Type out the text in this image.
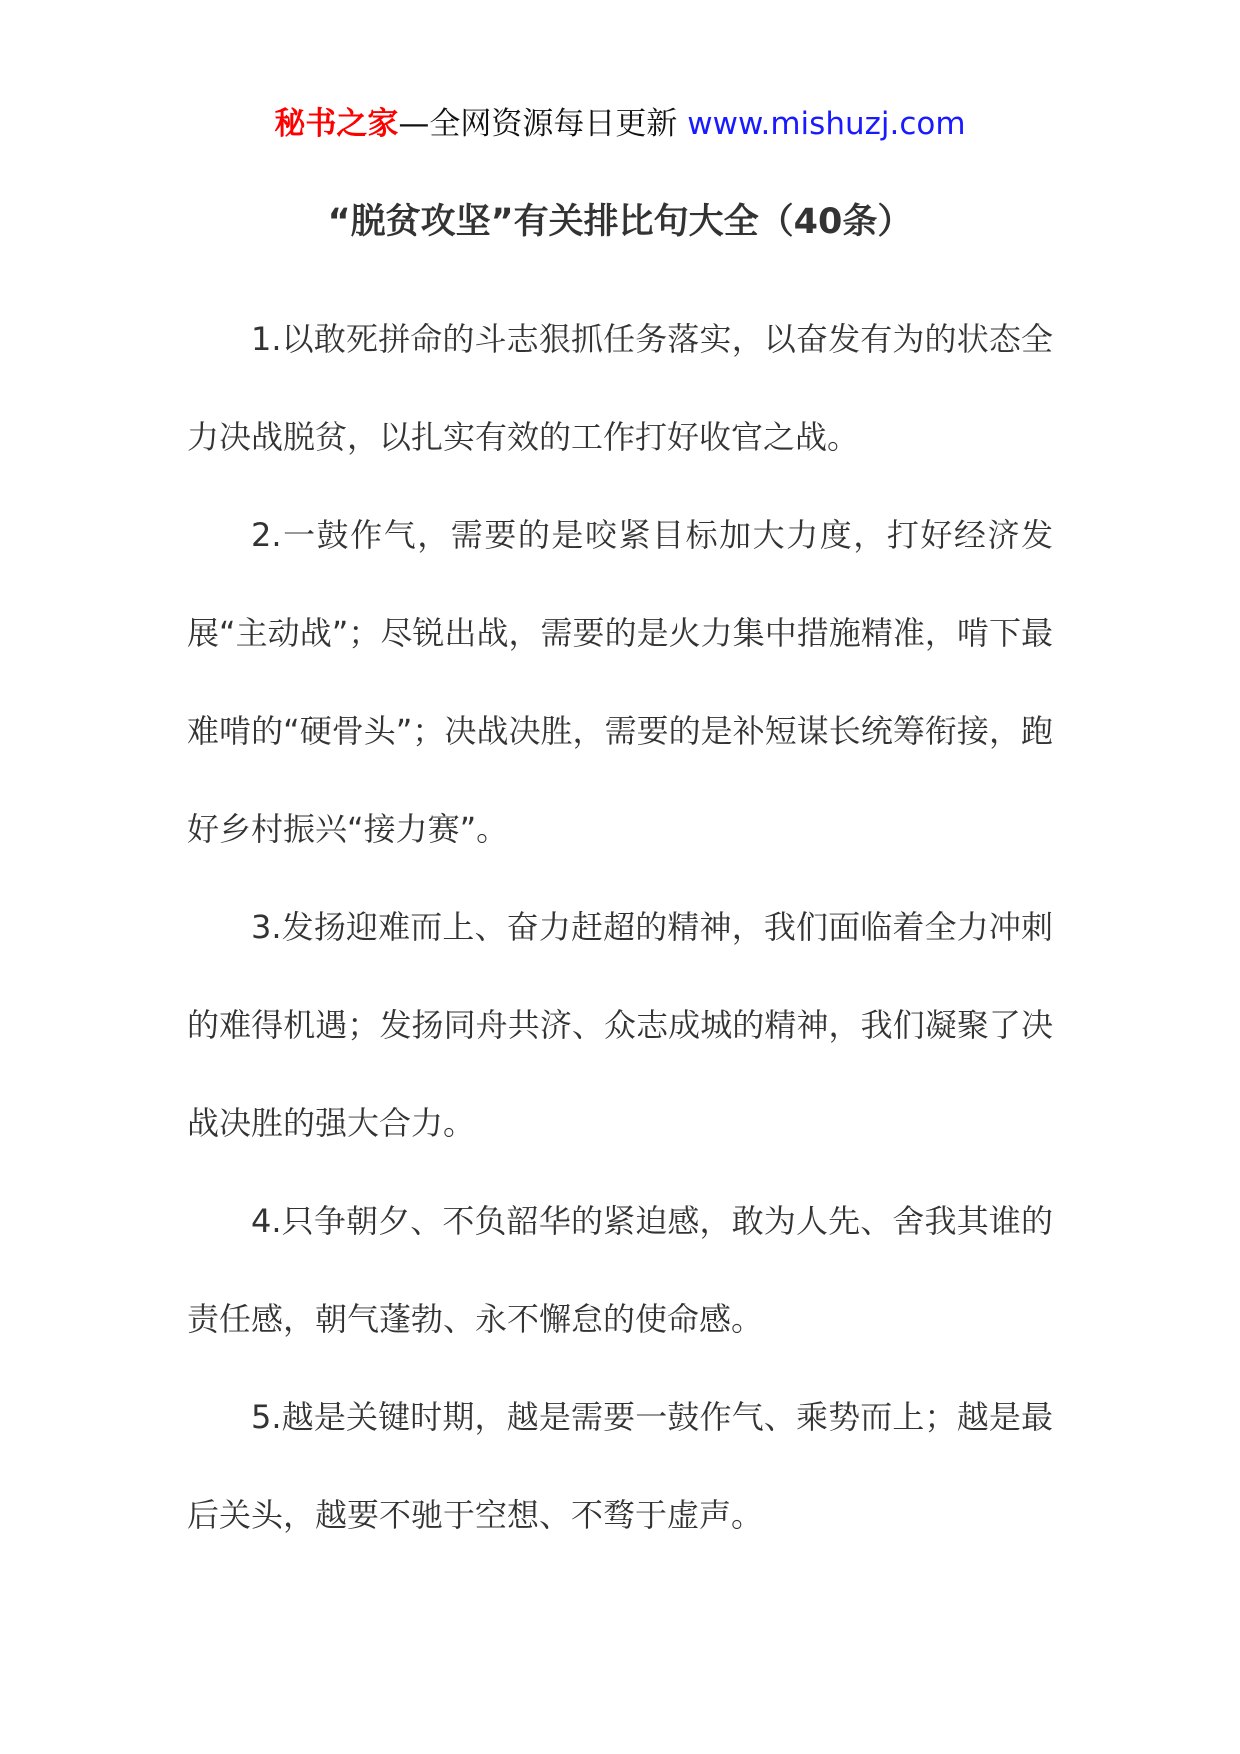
秘书之家—全网资源每日更新 www.mishuzj.com
“脱贫攻坚”有关排比句大全（40条）

1.以敢死拼命的斗志狠抓任务落实，以奋发有为的状态全力决战脱贫，以扎实有效的工作打好收官之战。

2.一鼓作气，需要的是咬紧目标加大力度，打好经济发展“主动战”；尽锐出战，需要的是火力集中措施精准，啃下最难啃的“硬骨头”；决战决胜，需要的是补短谋长统筹衔接，跑好乡村振兴“接力赛”。

3.发扬迎难而上、奋力赶超的精神，我们面临着全力冲刺的难得机遇；发扬同舟共济、众志成城的精神，我们凝聚了决战决胜的强大合力。

4.只争朝夕、不负韶华的紧迫感，敢为人先、舍我其谁的责任感，朝气蓬勃、永不懈怠的使命感。

5.越是关键时期，越是需要一鼓作气、乘势而上；越是最后关头，越要不驰于空想、不骛于虚声。
